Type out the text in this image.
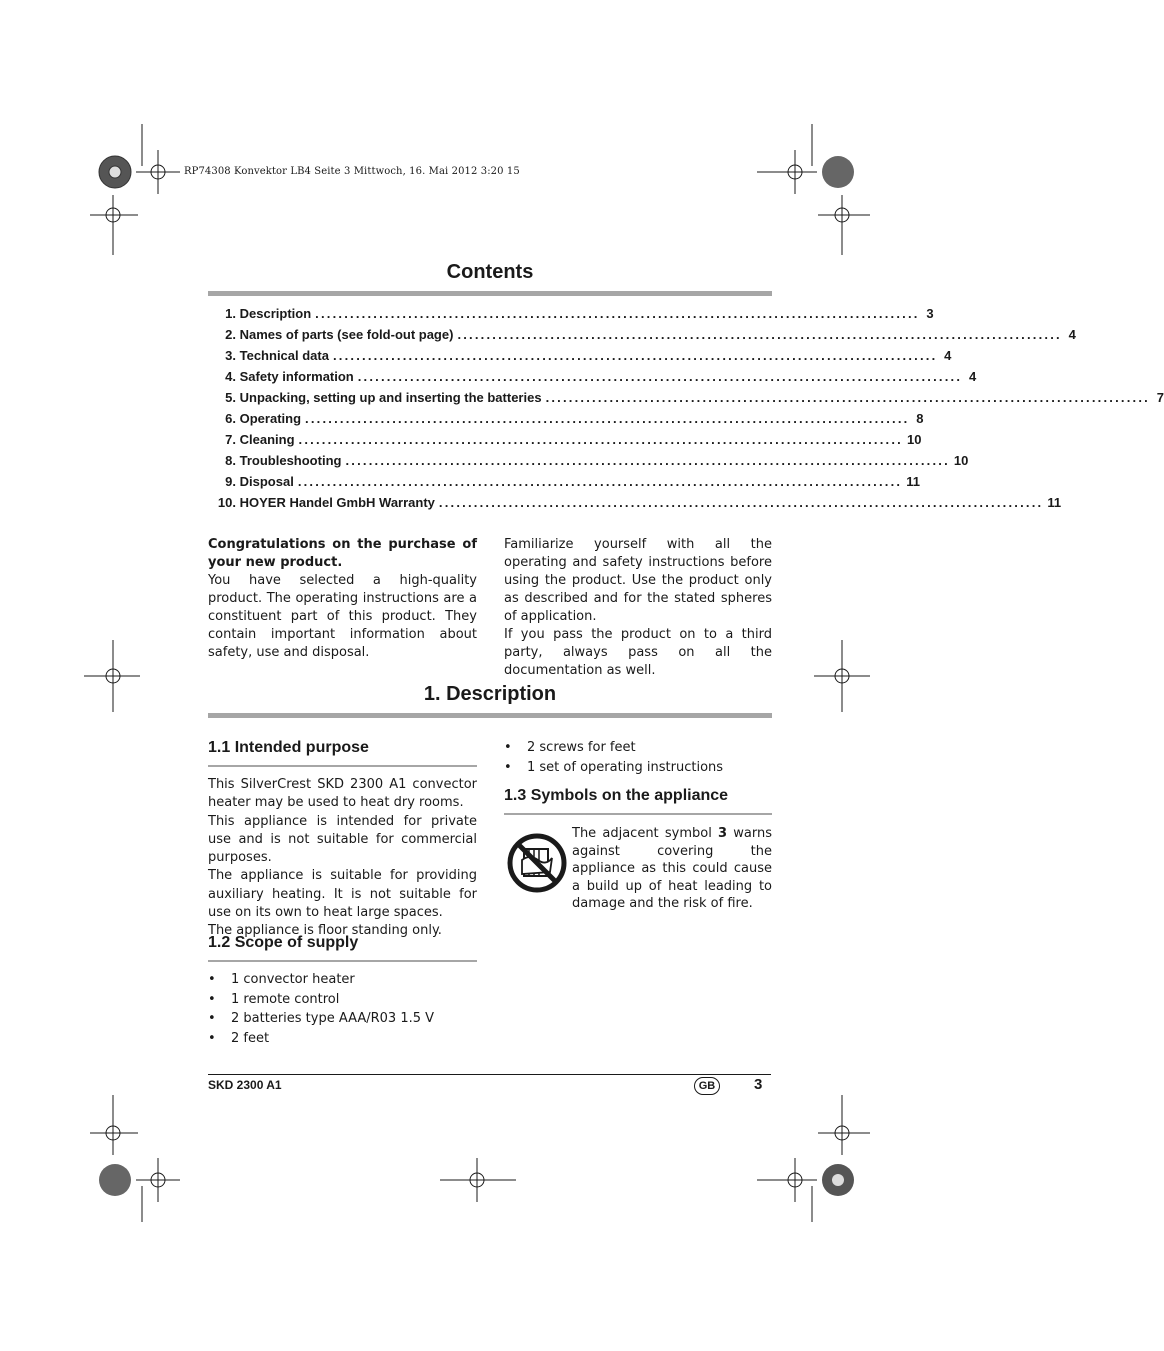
RP74308 Konvektor LB4 Seite 3 Mittwoch, 16. Mai 2012 3:20 15
Contents
1.
Description ........................................................................................................ 3
2.
Names of parts (see fold-out page) ........................................................................................................ 4
3.
Technical data ........................................................................................................ 4
4.
Safety information ........................................................................................................ 4
5.
Unpacking, setting up and inserting the batteries ........................................................................................................ 7
6.
Operating ........................................................................................................ 8
7.
Cleaning ........................................................................................................ 10
8.
Troubleshooting ........................................................................................................ 10
9.
Disposal ........................................................................................................ 11
10.
HOYER Handel GmbH Warranty ........................................................................................................ 11

Congratulations on the purchase of your new product.

You have selected a high-quality product. The operating instructions are a constituent part of this product. They contain important information about safety, use and disposal.

Familiarize yourself with all the operating and safety instructions before using the product. Use the product only as described and for the stated spheres of application.

If you pass the product on to a third party, always pass on all the documentation as well.

1. Description
1.1 Intended purpose

This SilverCrest SKD 2300 A1 convector heater may be used to heat dry rooms.

This appliance is intended for private use and is not suitable for commercial purposes.

The appliance is suitable for providing auxiliary heating. It is not suitable for use on its own to heat large spaces.

The appliance is floor standing only.

1.2 Scope of supply
• 1 convector heater
• 1 remote control
• 2 batteries type AAA/R03 1.5 V
• 2 feet
• 2 screws for feet
• 1 set of operating instructions
1.3 Symbols on the appliance

The adjacent symbol 3 warns against covering the appliance as this could cause a build up of heat leading to damage and the risk of fire.

SKD 2300 A1	GB	3
